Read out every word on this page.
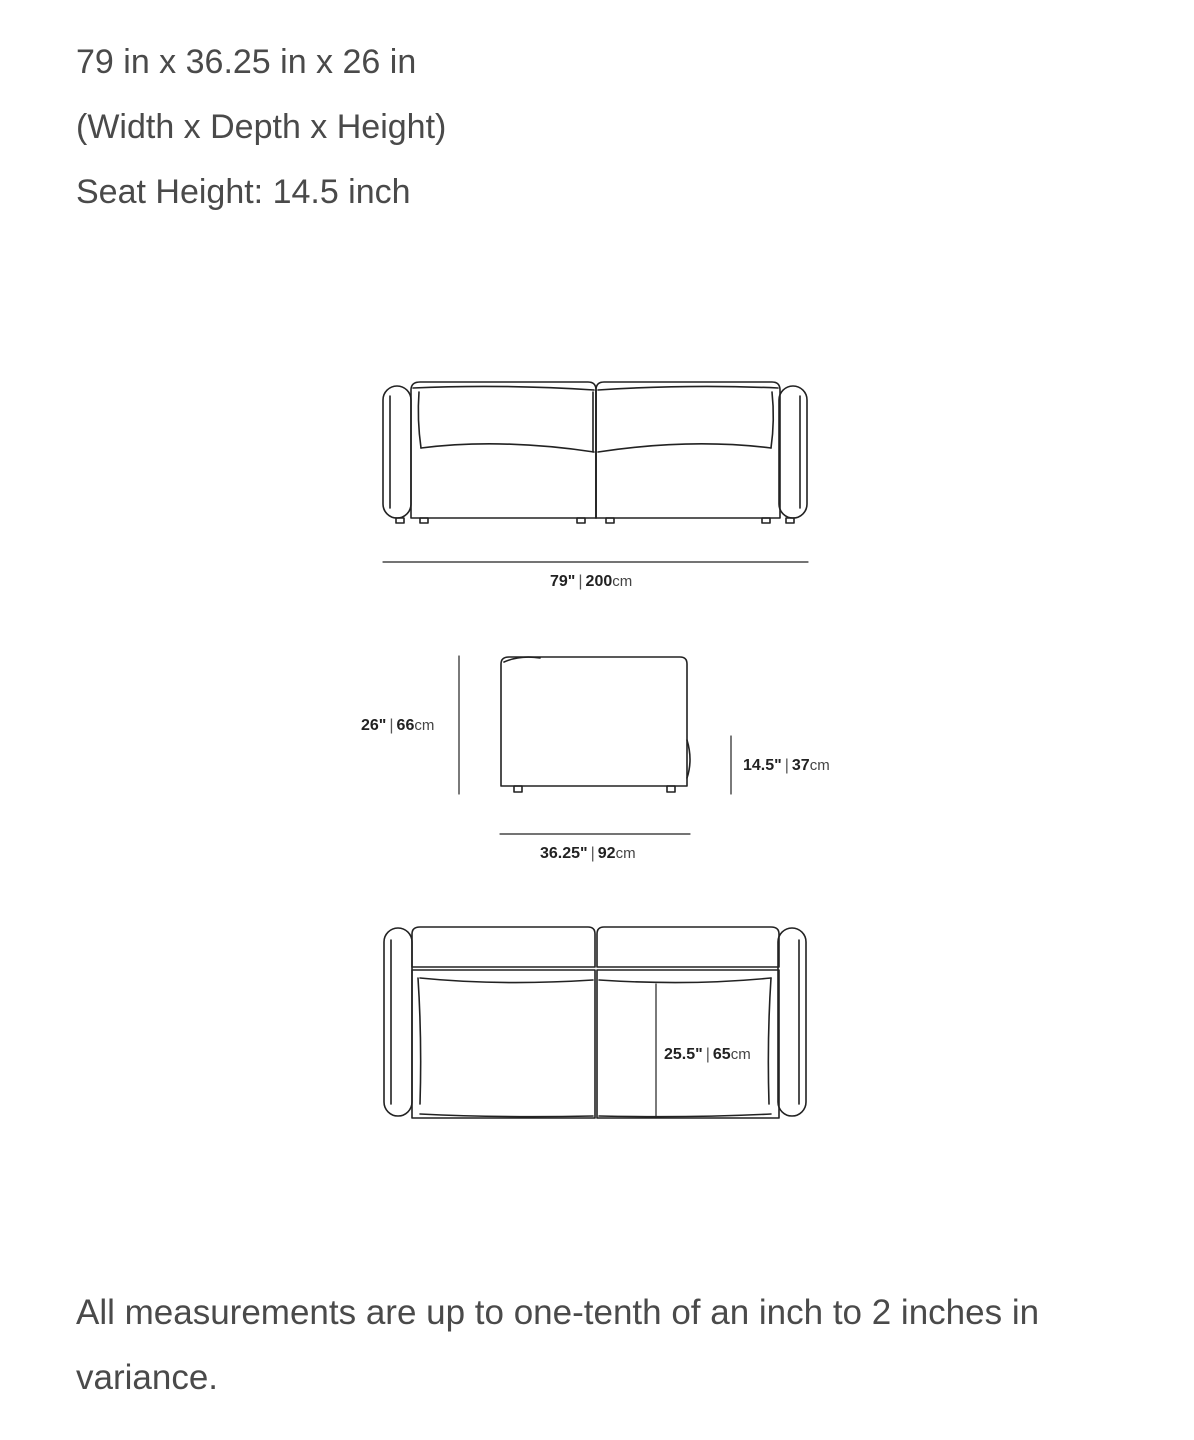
79 in x 36.25 in x 26 in
(Width x Depth x Height)
Seat Height: 14.5 inch
79" | 200cm
26" | 66cm
14.5" | 37cm
36.25" | 92cm
25.5" | 65cm
All measurements are up to one-tenth of an inch to 2 inches in variance.
